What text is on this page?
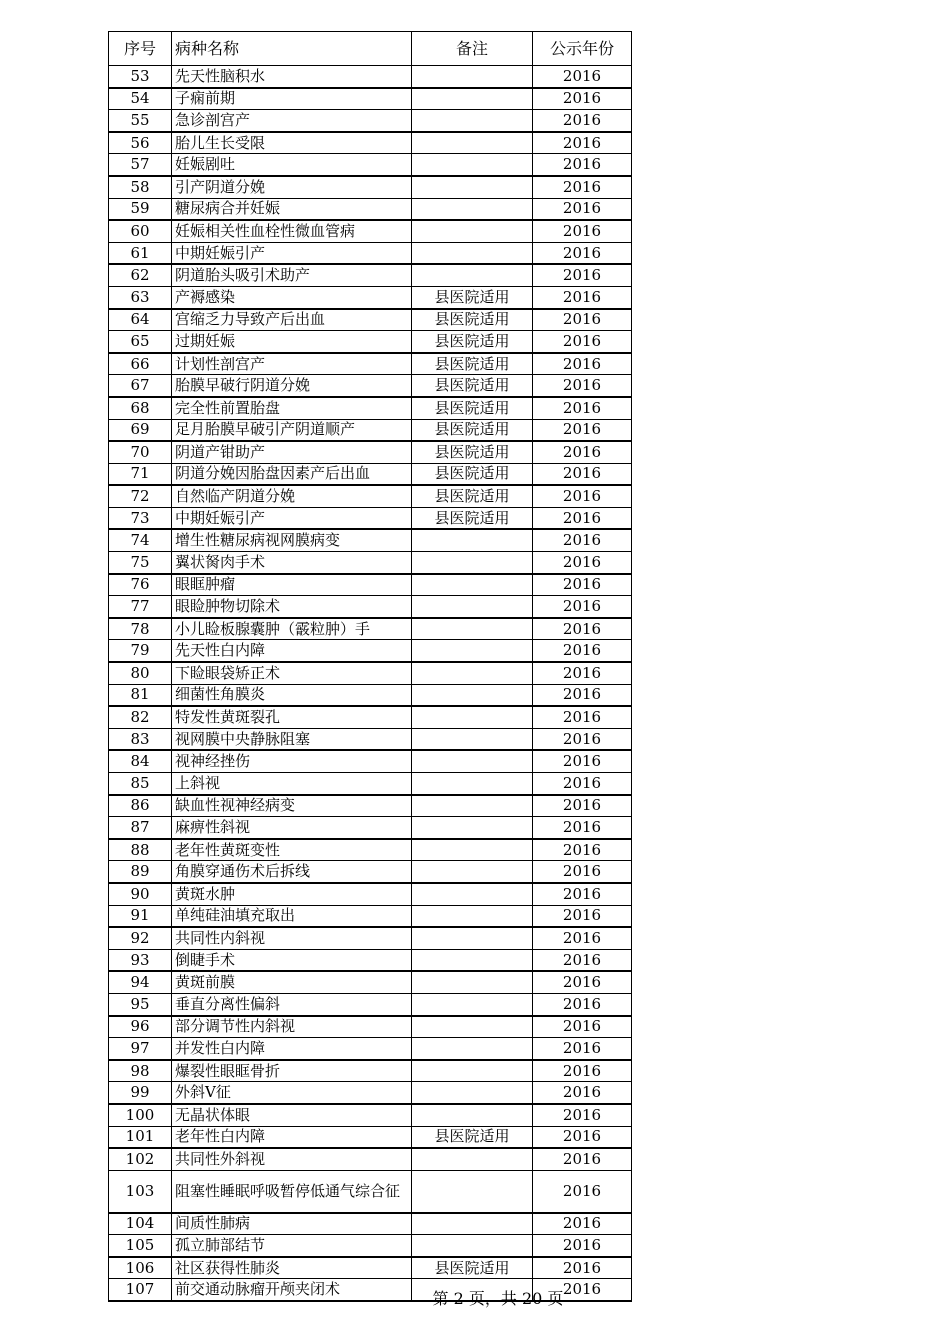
序号	病种名称	备注	公示年份
53	先天性脑积水		2016
54	子痫前期		2016
55	急诊剖宫产		2016
56	胎儿生长受限		2016
57	妊娠剧吐		2016
58	引产阴道分娩		2016
59	糖尿病合并妊娠		2016
60	妊娠相关性血栓性微血管病		2016
61	中期妊娠引产		2016
62	阴道胎头吸引术助产		2016
63	产褥感染	县医院适用	2016
64	宫缩乏力导致产后出血	县医院适用	2016
65	过期妊娠	县医院适用	2016
66	计划性剖宫产	县医院适用	2016
67	胎膜早破行阴道分娩	县医院适用	2016
68	完全性前置胎盘	县医院适用	2016
69	足月胎膜早破引产阴道顺产	县医院适用	2016
70	阴道产钳助产	县医院适用	2016
71	阴道分娩因胎盘因素产后出血	县医院适用	2016
72	自然临产阴道分娩	县医院适用	2016
73	中期妊娠引产	县医院适用	2016
74	增生性糖尿病视网膜病变		2016
75	翼状胬肉手术		2016
76	眼眶肿瘤		2016
77	眼睑肿物切除术		2016
78	小儿睑板腺囊肿（霰粒肿）手		2016
79	先天性白内障		2016
80	下睑眼袋矫正术		2016
81	细菌性角膜炎		2016
82	特发性黄斑裂孔		2016
83	视网膜中央静脉阻塞		2016
84	视神经挫伤		2016
85	上斜视		2016
86	缺血性视神经病变		2016
87	麻痹性斜视		2016
88	老年性黄斑变性		2016
89	角膜穿通伤术后拆线		2016
90	黄斑水肿		2016
91	单纯硅油填充取出		2016
92	共同性内斜视		2016
93	倒睫手术		2016
94	黄斑前膜		2016
95	垂直分离性偏斜		2016
96	部分调节性内斜视		2016
97	并发性白内障		2016
98	爆裂性眼眶骨折		2016
99	外斜V征		2016
100	无晶状体眼		2016
101	老年性白内障	县医院适用	2016
102	共同性外斜视		2016
103	阻塞性睡眠呼吸暂停低通气综合征		2016
104	间质性肺病		2016
105	孤立肺部结节		2016
106	社区获得性肺炎	县医院适用	2016
107	前交通动脉瘤开颅夹闭术		2016
第 2 页，共 20 页
